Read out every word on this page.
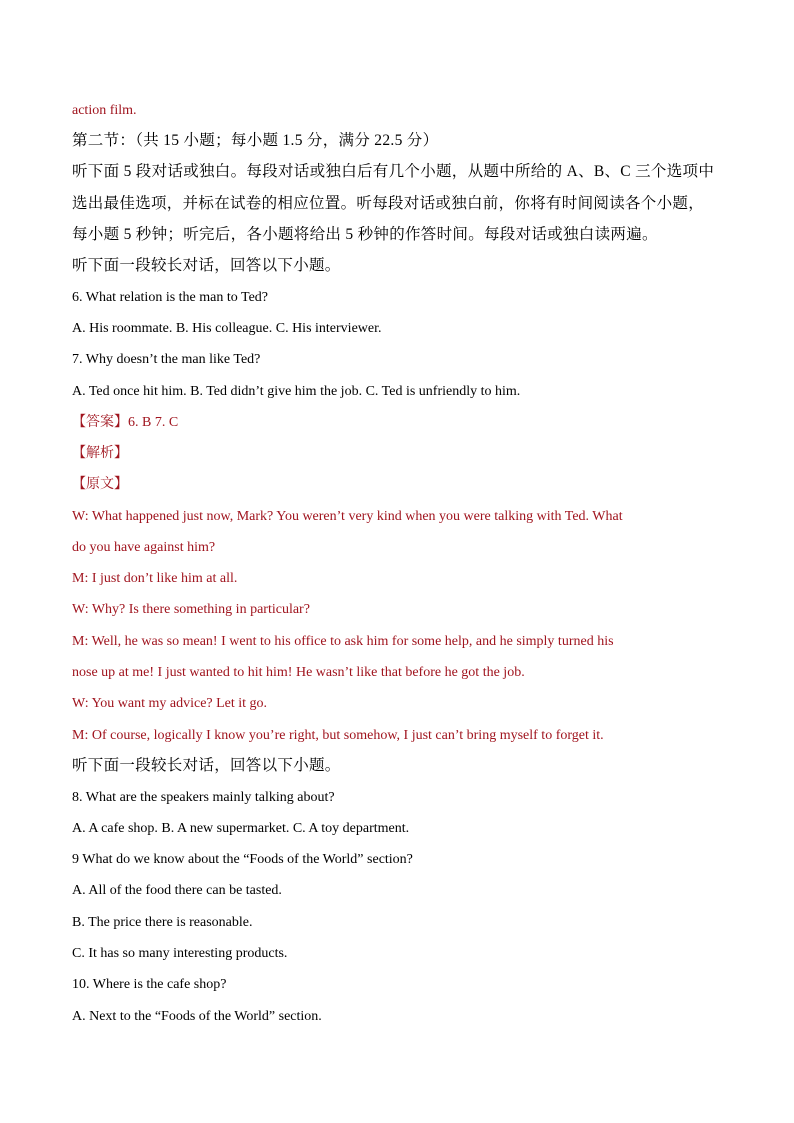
action film.
第二节：（共 15 小题；每小题 1.5 分，满分 22.5 分）
听下面 5 段对话或独白。每段对话或独白后有几个小题，从题中所给的 A、B、C 三个选项中
选出最佳选项，并标在试卷的相应位置。听每段对话或独白前，你将有时间阅读各个小题，
每小题 5 秒钟；听完后，各小题将给出 5 秒钟的作答时间。每段对话或独白读两遍。
听下面一段较长对话，回答以下小题。
6. What relation is the man to Ted?
A. His roommate. B. His colleague. C. His interviewer.
7. Why doesn’t the man like Ted?
A. Ted once hit him. B. Ted didn’t give him the job. C. Ted is unfriendly to him.
【答案】6. B 7. C
【解析】
【原文】
W: What happened just now, Mark? You weren’t very kind when you were talking with Ted. What
do you have against him?
M: I just don’t like him at all.
W: Why? Is there something in particular?
M: Well, he was so mean! I went to his office to ask him for some help, and he simply turned his
nose up at me! I just wanted to hit him! He wasn’t like that before he got the job.
W: You want my advice? Let it go.
M: Of course, logically I know you’re right, but somehow, I just can’t bring myself to forget it.
听下面一段较长对话，回答以下小题。
8. What are the speakers mainly talking about?
A. A cafe shop. B. A new supermarket. C. A toy department.
9 What do we know about the “Foods of the World” section?
A. All of the food there can be tasted.
B. The price there is reasonable.
C. It has so many interesting products.
10. Where is the cafe shop?
A. Next to the “Foods of the World” section.
